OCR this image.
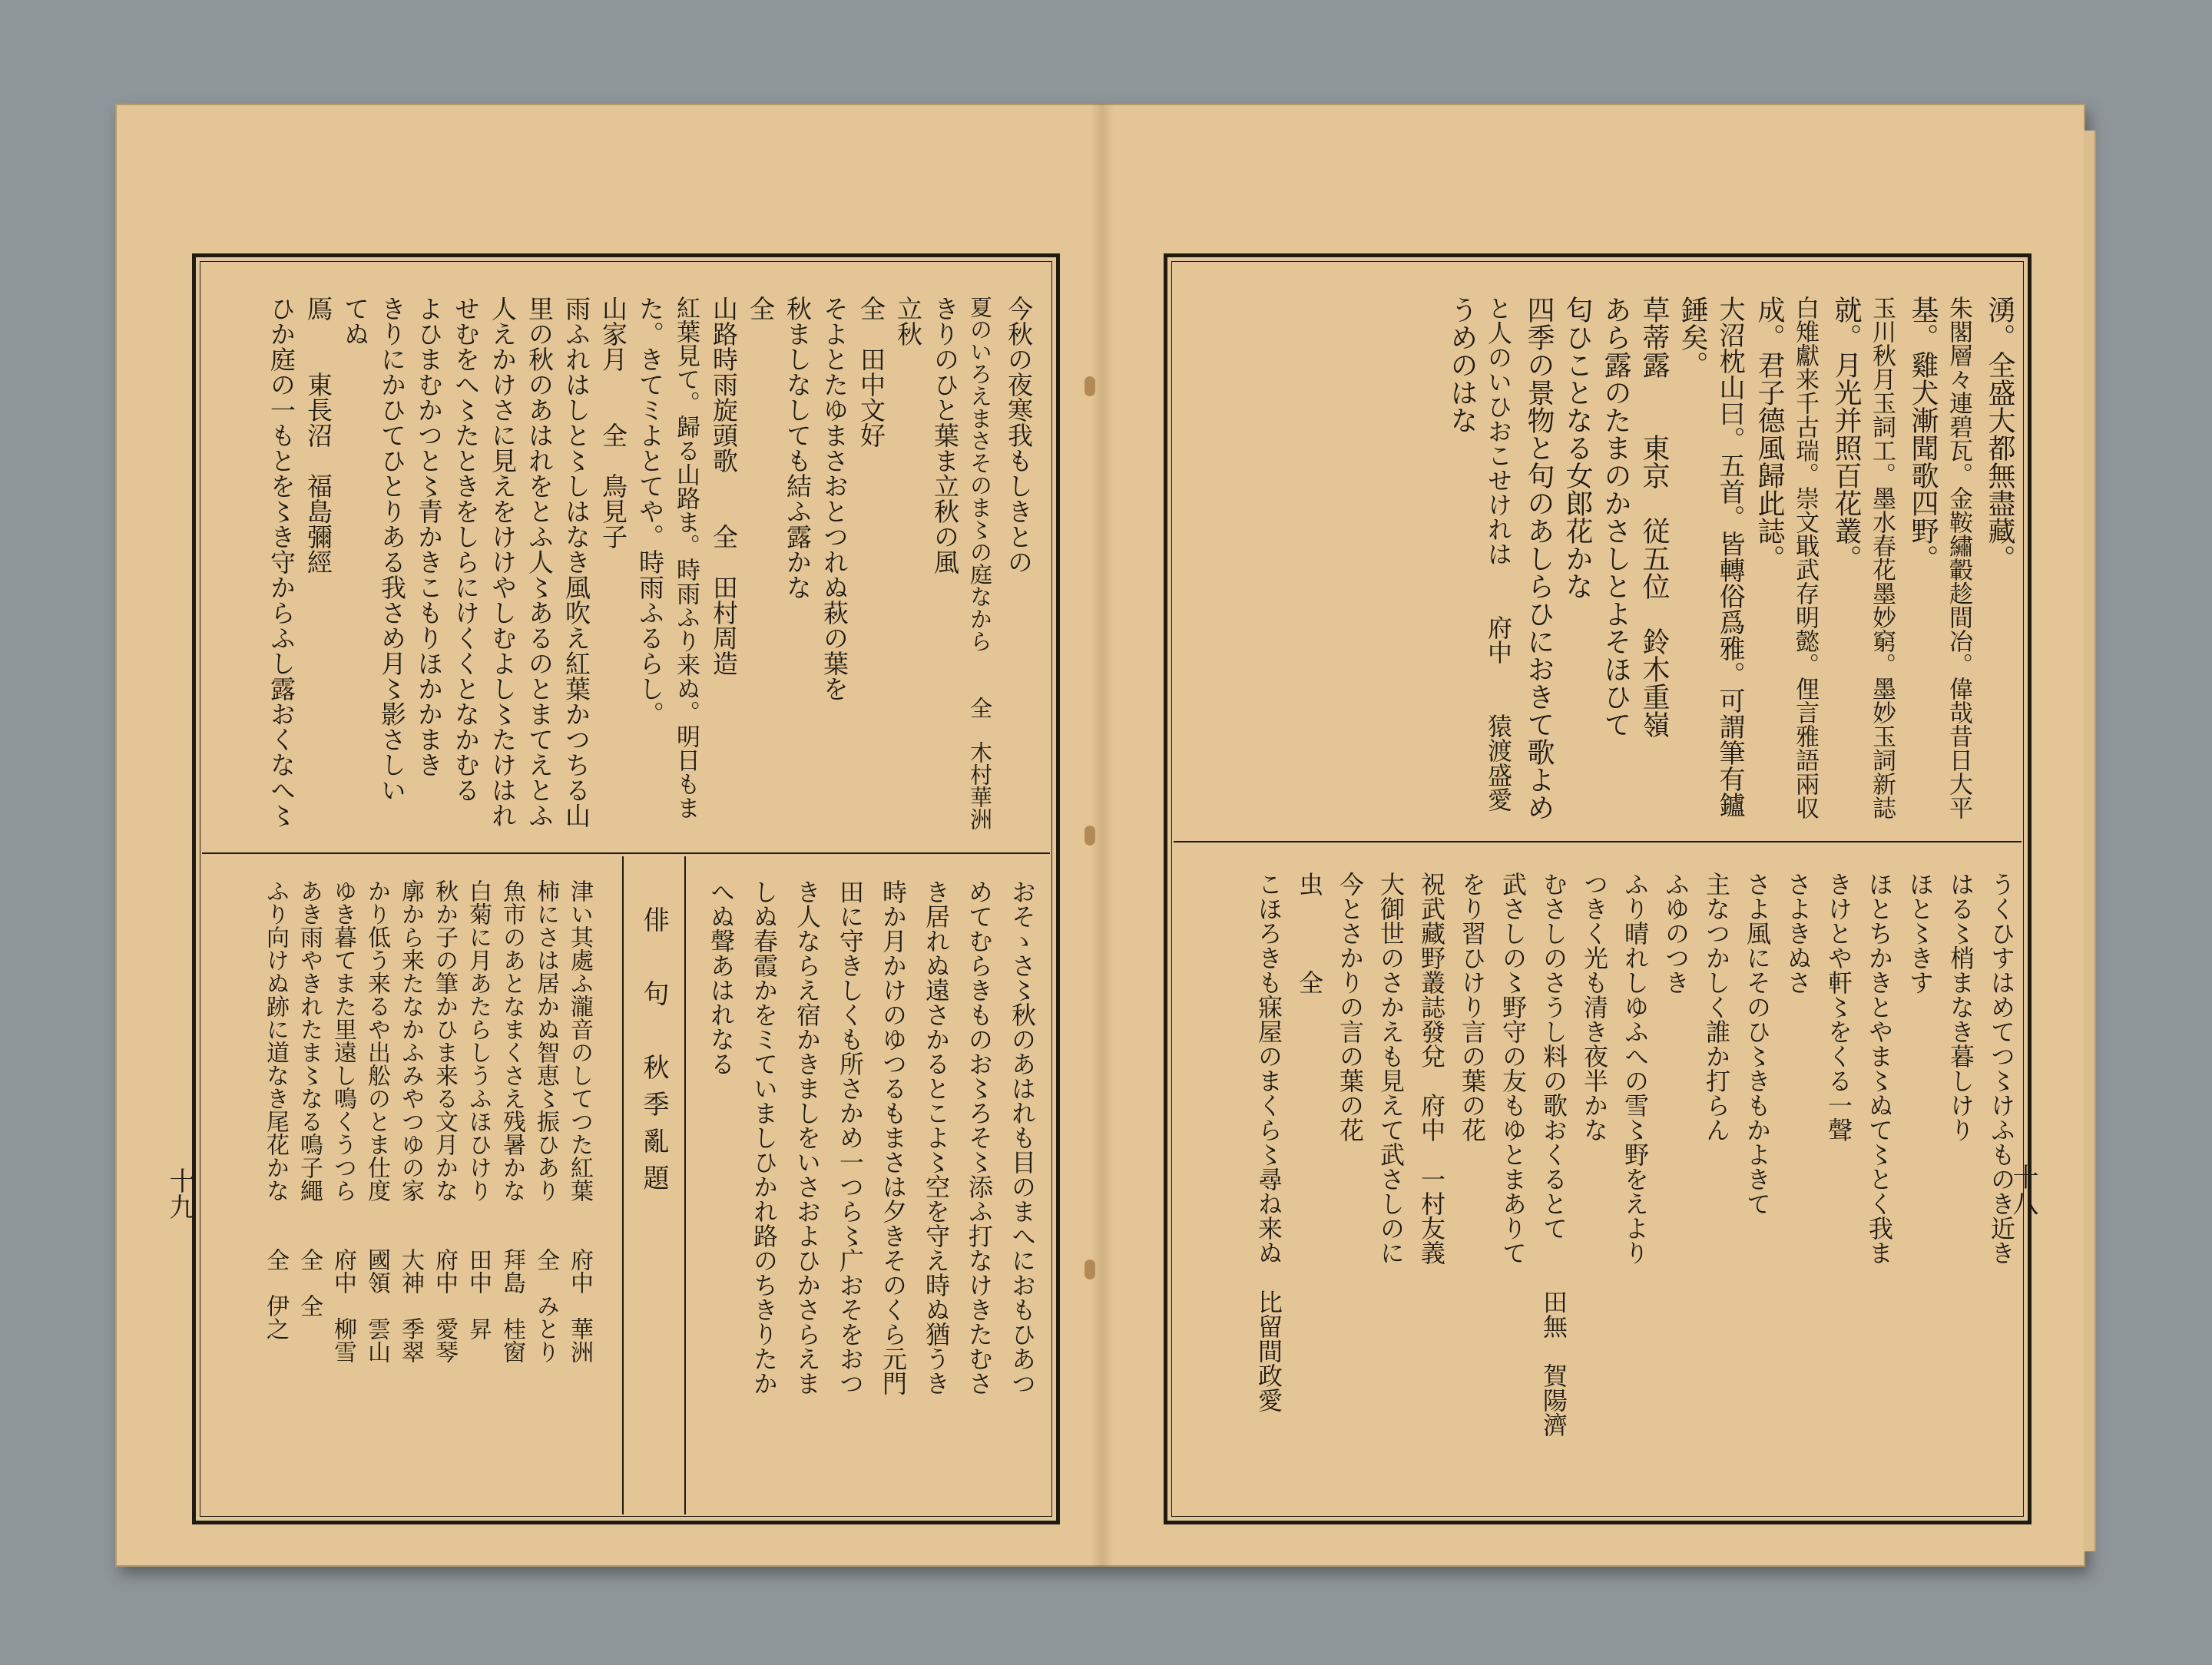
今秋の夜寒我もしきとの
夏のいろえまさそのま〻の庭なから　　全　木村華洲
きりのひと葉ま立秋の風
立秋
全　田中文好
そよとたゆまさおとつれぬ萩の葉を
秋ましなしても結ふ露かな
全
山路時雨旋頭歌　　全　田村周造
紅葉見て。歸る山路ま。時雨ふり来ぬ。明日もま
た。きてミよとてや。時雨ふるらし。
山家月　　全　鳥見子
雨ふれはしと〻しはなき風吹え紅葉かつちる山
里の秋のあはれをとふ人〻あるのとまてえとふ
人えかけさに見えをけけやしむよし〻たけはれ
せむをへ〻たときをしらにけくくとなかむる
よひまむかつと〻青かきこもりほかかまき
きりにかひてひとりある我さめ月〻影さしい
てぬ
鳫　　東長沼　福島彌經
ひか庭の一もとを〻き守からふし露おくなへ〻
おそゝさ〻秋のあはれも目のまへにおもひあつ
めてむらきものお〻ろそ〻添ふ打なけきたむさ
き居れぬ遠さかるとこよ〻空を守え時ぬ猶うき
時か月かけのゆつるもまさは夕きそのくら元門
田に守きしくも所さかめ一つら〻广おそをおつ
き人ならえ宿かきましをいさおよひかさらえま
しぬ春霞かをミていましひかれ路のちきりたか
へぬ聲あはれなる
俳　句　秋季亂題
津い其處ふ瀧音のしてつた紅葉　　府中　華洲
柿にさは居かぬ智恵〻振ひあり　　全　みとり
魚市のあとなまくさえ残暑かな　　拜島　桂窗
白菊に月あたらしうふほひけり　　田中　昇
秋か子の筆かひま来る文月かな　　府中　愛琴
廓から来たなかふみやつゆの家　　大神　季翠
かり低う来るや出舩のとま仕度　　國領　雲山
ゆき暮てまた里遠し鳴くうつら　　府中　柳雪
あき雨やきれたま〻なる鳴子繩　　全　全
ふり向けぬ跡に道なき尾花かな　　全　伊之
十九
湧。全盛大都無盡藏。
朱閣層々連碧瓦。金鞍繡轂趁間冶。偉哉昔日大平
基。雞犬漸聞歌四野。
玉川秋月玉詞工。墨水春花墨妙窮。墨妙玉詞新誌
就。月光并照百花叢。
白雉獻来千古瑞。崇文戢武存明懿。俚言雅語兩収
成。君子德風歸此誌。
大沼枕山曰。五首。皆轉俗爲雅。可謂筆有鑪
錘矣。
草蒂露　　東京　従五位　鈴木重嶺
あら露のたまのかさしとよそほひて
匂ひことなる女郎花かな
四季の景物と句のあしらひにおきて歌よめ
と人のいひおこせけれは　　府中　　猿渡盛愛
うめのはな
うくひすはめてつ〻けふものき近き
はる〻梢まなき暮しけり
ほと〻きす
ほとちかきとやま〻ぬて〻とく我ま
きけとや軒〻をくる一聲
さよきぬさ
さよ風にそのひ〻きもかよきて
主なつかしく誰か打らん
ふゆのつき
ふり晴れしゆふへの雪〻野をえより
つきく光も清き夜半かな
むさしのさうし料の歌おくるとて　　田無　賀陽濟
武さしの〻野守の友もゆとまありて
をり習ひけり言の葉の花
祝武藏野叢誌發兌　府中　一村友義
大御世のさかえも見えて武さしのに
今とさかりの言の葉の花
虫　　　全
こほろきも寐屋のまくら〻尋ね来ぬ　比留間政愛	十八
